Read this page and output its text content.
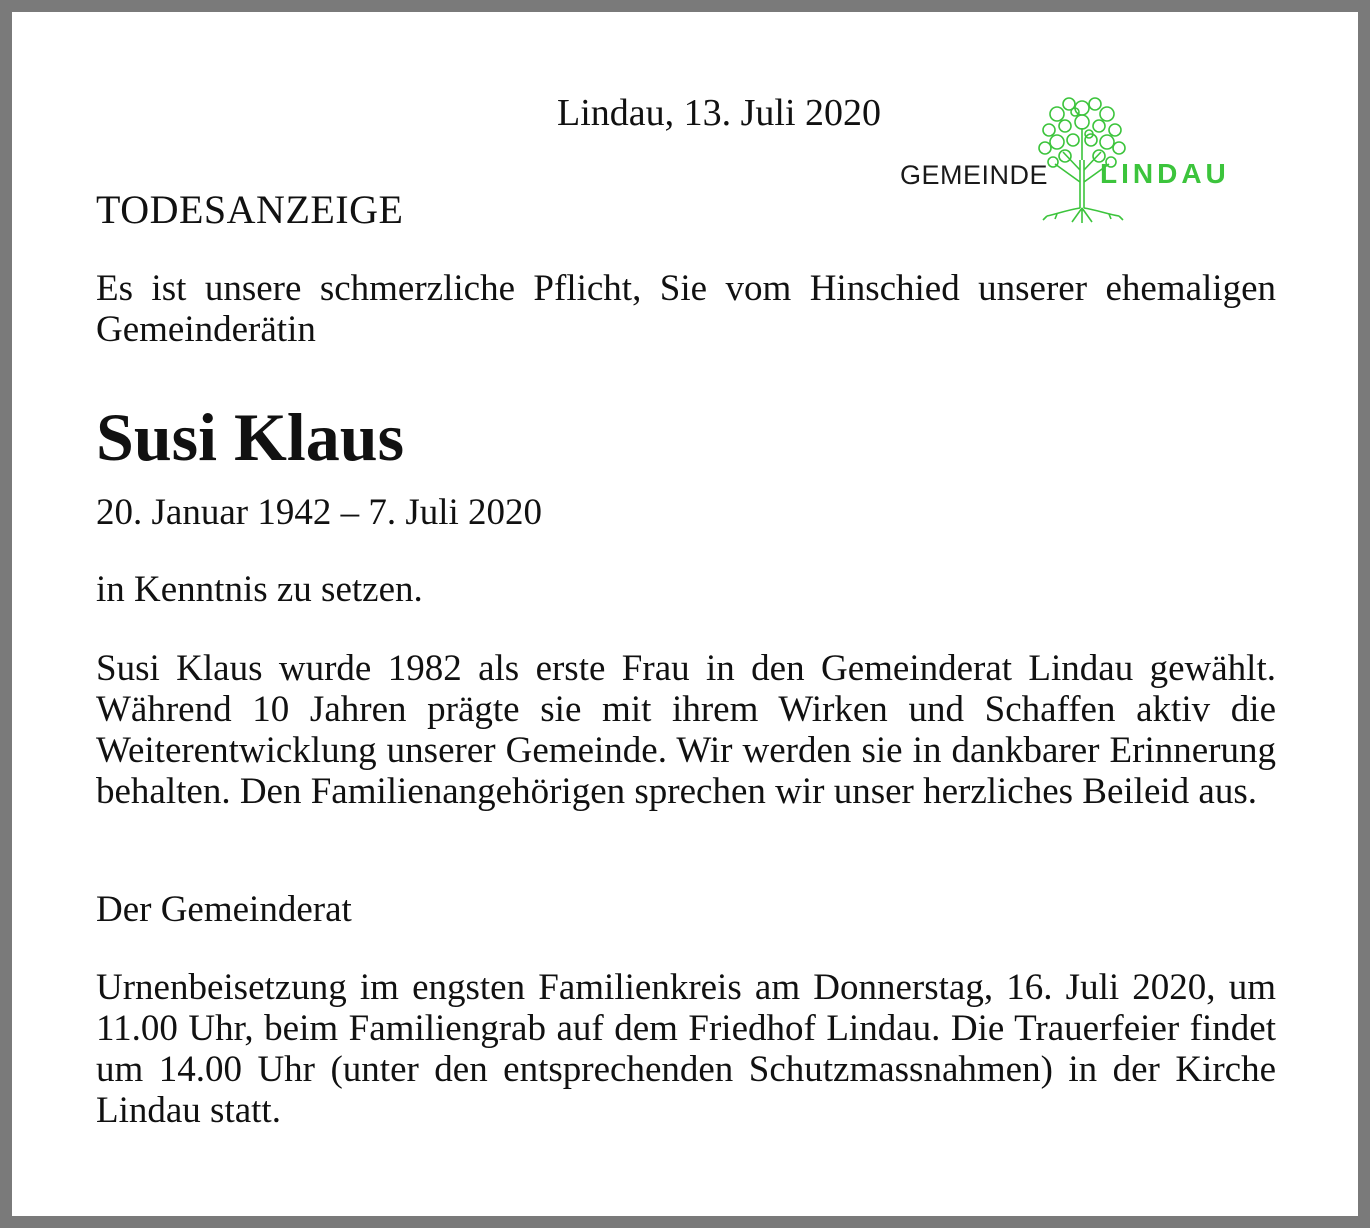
Lindau, 13. Juli 2020
GEMEINDE LINDAU
TODESANZEIGE
Es ist unsere schmerzliche Pflicht, Sie vom Hinschied unserer ehemaligen Gemeinderätin
Susi Klaus
20. Januar 1942 – 7. Juli 2020
in Kenntnis zu setzen.
Susi Klaus wurde 1982 als erste Frau in den Gemeinderat Lindau gewählt. Während 10 Jahren prägte sie mit ihrem Wirken und Schaffen aktiv die Weiterentwicklung unserer Gemeinde. Wir werden sie in dankbarer Erinnerung behalten. Den Familienangehörigen sprechen wir unser herzliches Beileid aus.
Der Gemeinderat
Urnenbeisetzung im engsten Familienkreis am Donnerstag, 16. Juli 2020, um 11.00 Uhr, beim Familiengrab auf dem Friedhof Lindau. Die Trauerfeier findet um 14.00 Uhr (unter den entsprechenden Schutzmassnahmen) in der Kirche Lindau statt.
